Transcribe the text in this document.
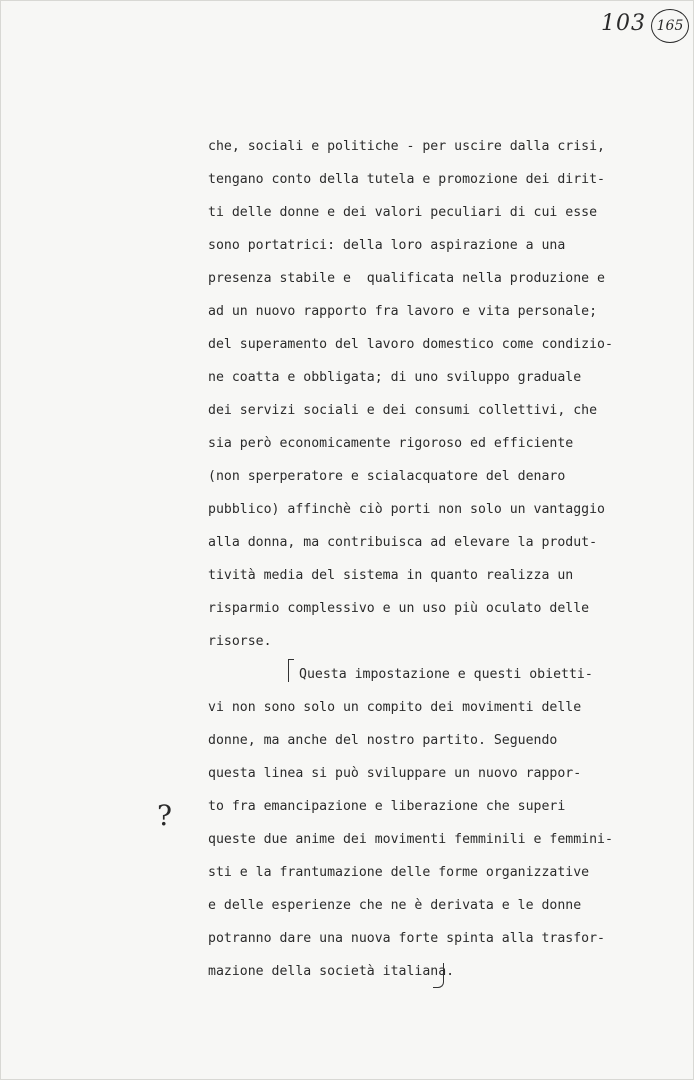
103 165
?
che, sociali e politiche - per uscire dalla crisi,
tengano conto della tutela e promozione dei dirit-
ti delle donne e dei valori peculiari di cui esse
sono portatrici: della loro aspirazione a una
presenza stabile e  qualificata nella produzione e
ad un nuovo rapporto fra lavoro e vita personale;
del superamento del lavoro domestico come condizio-
ne coatta e obbligata; di uno sviluppo graduale
dei servizi sociali e dei consumi collettivi, che
sia però economicamente rigoroso ed efficiente
(non sperperatore e scialacquatore del denaro
pubblico) affinchè ciò porti non solo un vantaggio
alla donna, ma contribuisca ad elevare la produt-
tività media del sistema in quanto realizza un
risparmio complessivo e un uso più oculato delle
risorse.
Questa impostazione e questi obietti-
vi non sono solo un compito dei movimenti delle
donne, ma anche del nostro partito. Seguendo
questa linea si può sviluppare un nuovo rappor-
to fra emancipazione e liberazione che superi
queste due anime dei movimenti femminili e femmini-
sti e la frantumazione delle forme organizzative
e delle esperienze che ne è derivata e le donne
potranno dare una nuova forte spinta alla trasfor-
mazione della società italiana.
